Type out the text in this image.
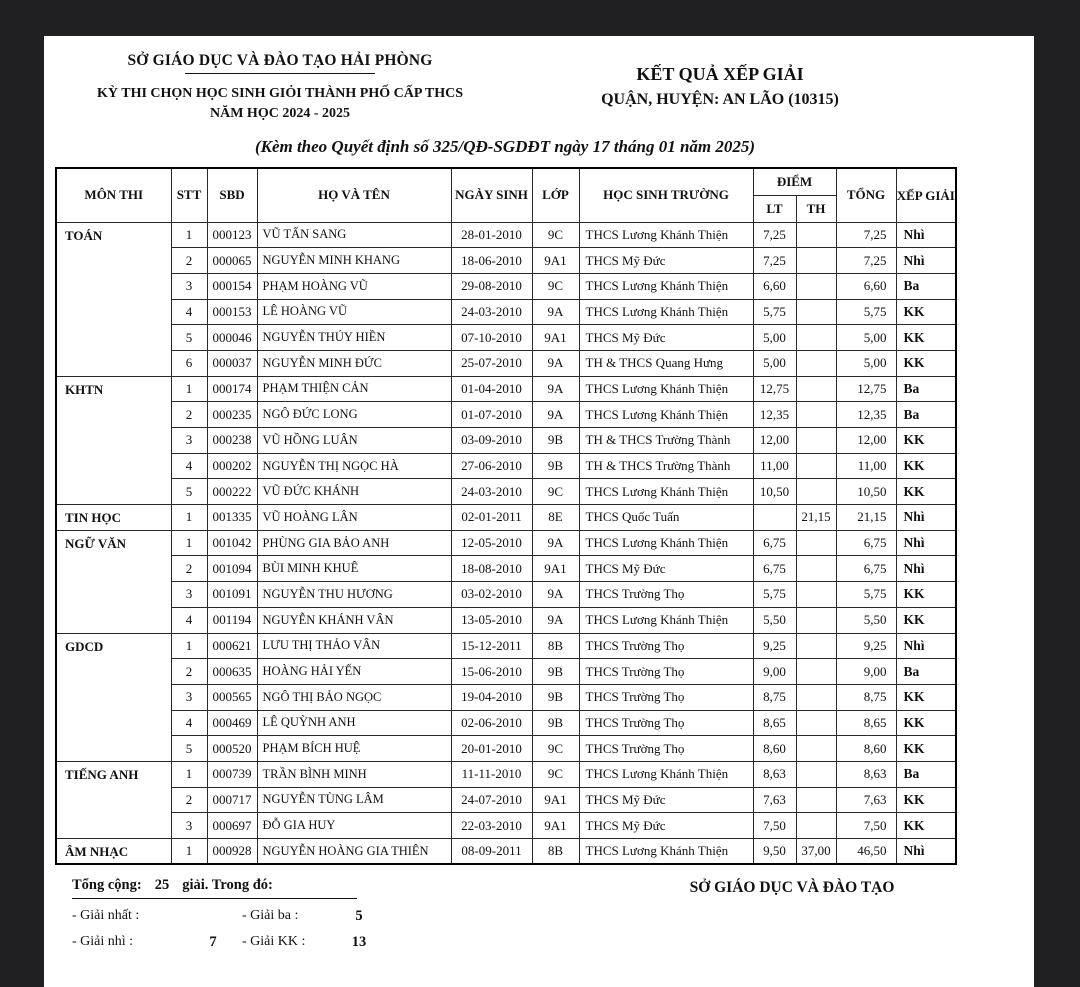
SỞ GIÁO DỤC VÀ ĐÀO TẠO HẢI PHÒNG
KỲ THI CHỌN HỌC SINH GIỎI THÀNH PHỐ CẤP THCS
NĂM HỌC 2024 - 2025
KẾT QUẢ XẾP GIẢI
QUẬN, HUYỆN: AN LÃO (10315)
(Kèm theo Quyết định số 325/QĐ-SGDĐT ngày 17 tháng 01 năm 2025)
MÔN THI	STT	SBD	HỌ VÀ TÊN	NGÀY SINH	LỚP	HỌC SINH TRƯỜNG	ĐIỂM		TỔNG	XẾP GIẢI
							LT	TH		
TOÁN	1	000123	VŨ TẤN SANG	28-01-2010	9C	THCS Lương Khánh Thiện	7,25		7,25	Nhì
	2	000065	NGUYỄN MINH KHANG	18-06-2010	9A1	THCS Mỹ Đức	7,25		7,25	Nhì
	3	000154	PHẠM HOÀNG VŨ	29-08-2010	9C	THCS Lương Khánh Thiện	6,60		6,60	Ba
	4	000153	LÊ HOÀNG VŨ	24-03-2010	9A	THCS Lương Khánh Thiện	5,75		5,75	KK
	5	000046	NGUYỄN THÚY HIỀN	07-10-2010	9A1	THCS Mỹ Đức	5,00		5,00	KK
	6	000037	NGUYỄN MINH ĐỨC	25-07-2010	9A	TH & THCS Quang Hưng	5,00		5,00	KK
KHTN	1	000174	PHẠM THIỆN CẢN	01-04-2010	9A	THCS Lương Khánh Thiện	12,75		12,75	Ba
	2	000235	NGÔ ĐỨC LONG	01-07-2010	9A	THCS Lương Khánh Thiện	12,35		12,35	Ba
	3	000238	VŨ HỒNG LUÂN	03-09-2010	9B	TH & THCS Trường Thành	12,00		12,00	KK
	4	000202	NGUYỄN THỊ NGỌC HÀ	27-06-2010	9B	TH & THCS Trường Thành	11,00		11,00	KK
	5	000222	VŨ ĐỨC KHÁNH	24-03-2010	9C	THCS Lương Khánh Thiện	10,50		10,50	KK
TIN HỌC	1	001335	VŨ HOÀNG LÂN	02-01-2011	8E	THCS Quốc Tuấn		21,15	21,15	Nhì
NGỮ VĂN	1	001042	PHÙNG GIA BẢO ANH	12-05-2010	9A	THCS Lương Khánh Thiện	6,75		6,75	Nhì
	2	001094	BÙI MINH KHUÊ	18-08-2010	9A1	THCS Mỹ Đức	6,75		6,75	Nhì
	3	001091	NGUYỄN THU HƯƠNG	03-02-2010	9A	THCS Trường Thọ	5,75		5,75	KK
	4	001194	NGUYỄN KHÁNH VÂN	13-05-2010	9A	THCS Lương Khánh Thiện	5,50		5,50	KK
GDCD	1	000621	LƯU THỊ THẢO VÂN	15-12-2011	8B	THCS Trường Thọ	9,25		9,25	Nhì
	2	000635	HOÀNG HẢI YẾN	15-06-2010	9B	THCS Trường Thọ	9,00		9,00	Ba
	3	000565	NGÔ THỊ BẢO NGỌC	19-04-2010	9B	THCS Trường Thọ	8,75		8,75	KK
	4	000469	LÊ QUỲNH ANH	02-06-2010	9B	THCS Trường Thọ	8,65		8,65	KK
	5	000520	PHẠM BÍCH HUỆ	20-01-2010	9C	THCS Trường Thọ	8,60		8,60	KK
TIẾNG ANH	1	000739	TRẦN BÌNH MINH	11-11-2010	9C	THCS Lương Khánh Thiện	8,63		8,63	Ba
	2	000717	NGUYỄN TÙNG LÂM	24-07-2010	9A1	THCS Mỹ Đức	7,63		7,63	KK
	3	000697	ĐỖ GIA HUY	22-03-2010	9A1	THCS Mỹ Đức	7,50		7,50	KK
ÂM NHẠC	1	000928	NGUYỄN HOÀNG GIA THIÊN	08-09-2011	8B	THCS Lương Khánh Thiện	9,50	37,00	46,50	Nhì
Tổng cộng: 25 giải. Trong đó:
- Giải nhất :	- Giải ba :	5
- Giải nhì :	7	- Giải KK :	13
SỞ GIÁO DỤC VÀ ĐÀO TẠO
